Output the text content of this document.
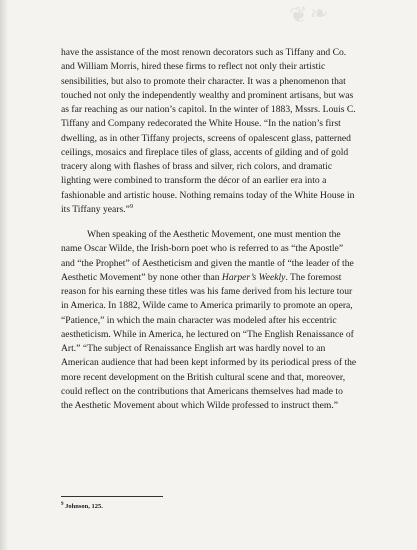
❦❧
have the assistance of the most renown decorators such as Tiffany and Co.
and William Morris, hired these firms to reflect not only their artistic
sensibilities, but also to promote their character. It was a phenomenon that
touched not only the independently wealthy and prominent artisans, but was
as far reaching as our nation’s capitol. In the winter of 1883, Mssrs. Louis C.
Tiffany and Company redecorated the White House. “In the nation’s first
dwelling, as in other Tiffany projects, screens of opalescent glass, patterned
ceilings, mosaics and fireplace tiles of glass, accents of gilding and of gold
tracery along with flashes of brass and silver, rich colors, and dramatic
lighting were combined to transform the décor of an earlier era into a
fashionable and artistic house. Nothing remains today of the White House in
its Tiffany years.”$^9$
When speaking of the Aesthetic Movement, one must mention the
name Oscar Wilde, the Irish-born poet who is referred to as “the Apostle”
and “the Prophet” of Aestheticism and given the mantle of “the leader of the
Aesthetic Movement” by none other than Harper’s Weekly. The foremost
reason for his earning these titles was his fame derived from his lecture tour
in America. In 1882, Wilde came to America primarily to promote an opera,
“Patience,” in which the main character was modeled after his eccentric
aestheticism. While in America, he lectured on “The English Renaissance of
Art.” “The subject of Renaissance English art was hardly novel to an
American audience that had been kept informed by its periodical press of the
more recent development on the British cultural scene and that, moreover,
could reflect on the contributions that Americans themselves had made to
the Aesthetic Movement about which Wilde professed to instruct them.”
$^9$ Johnson, 125.
